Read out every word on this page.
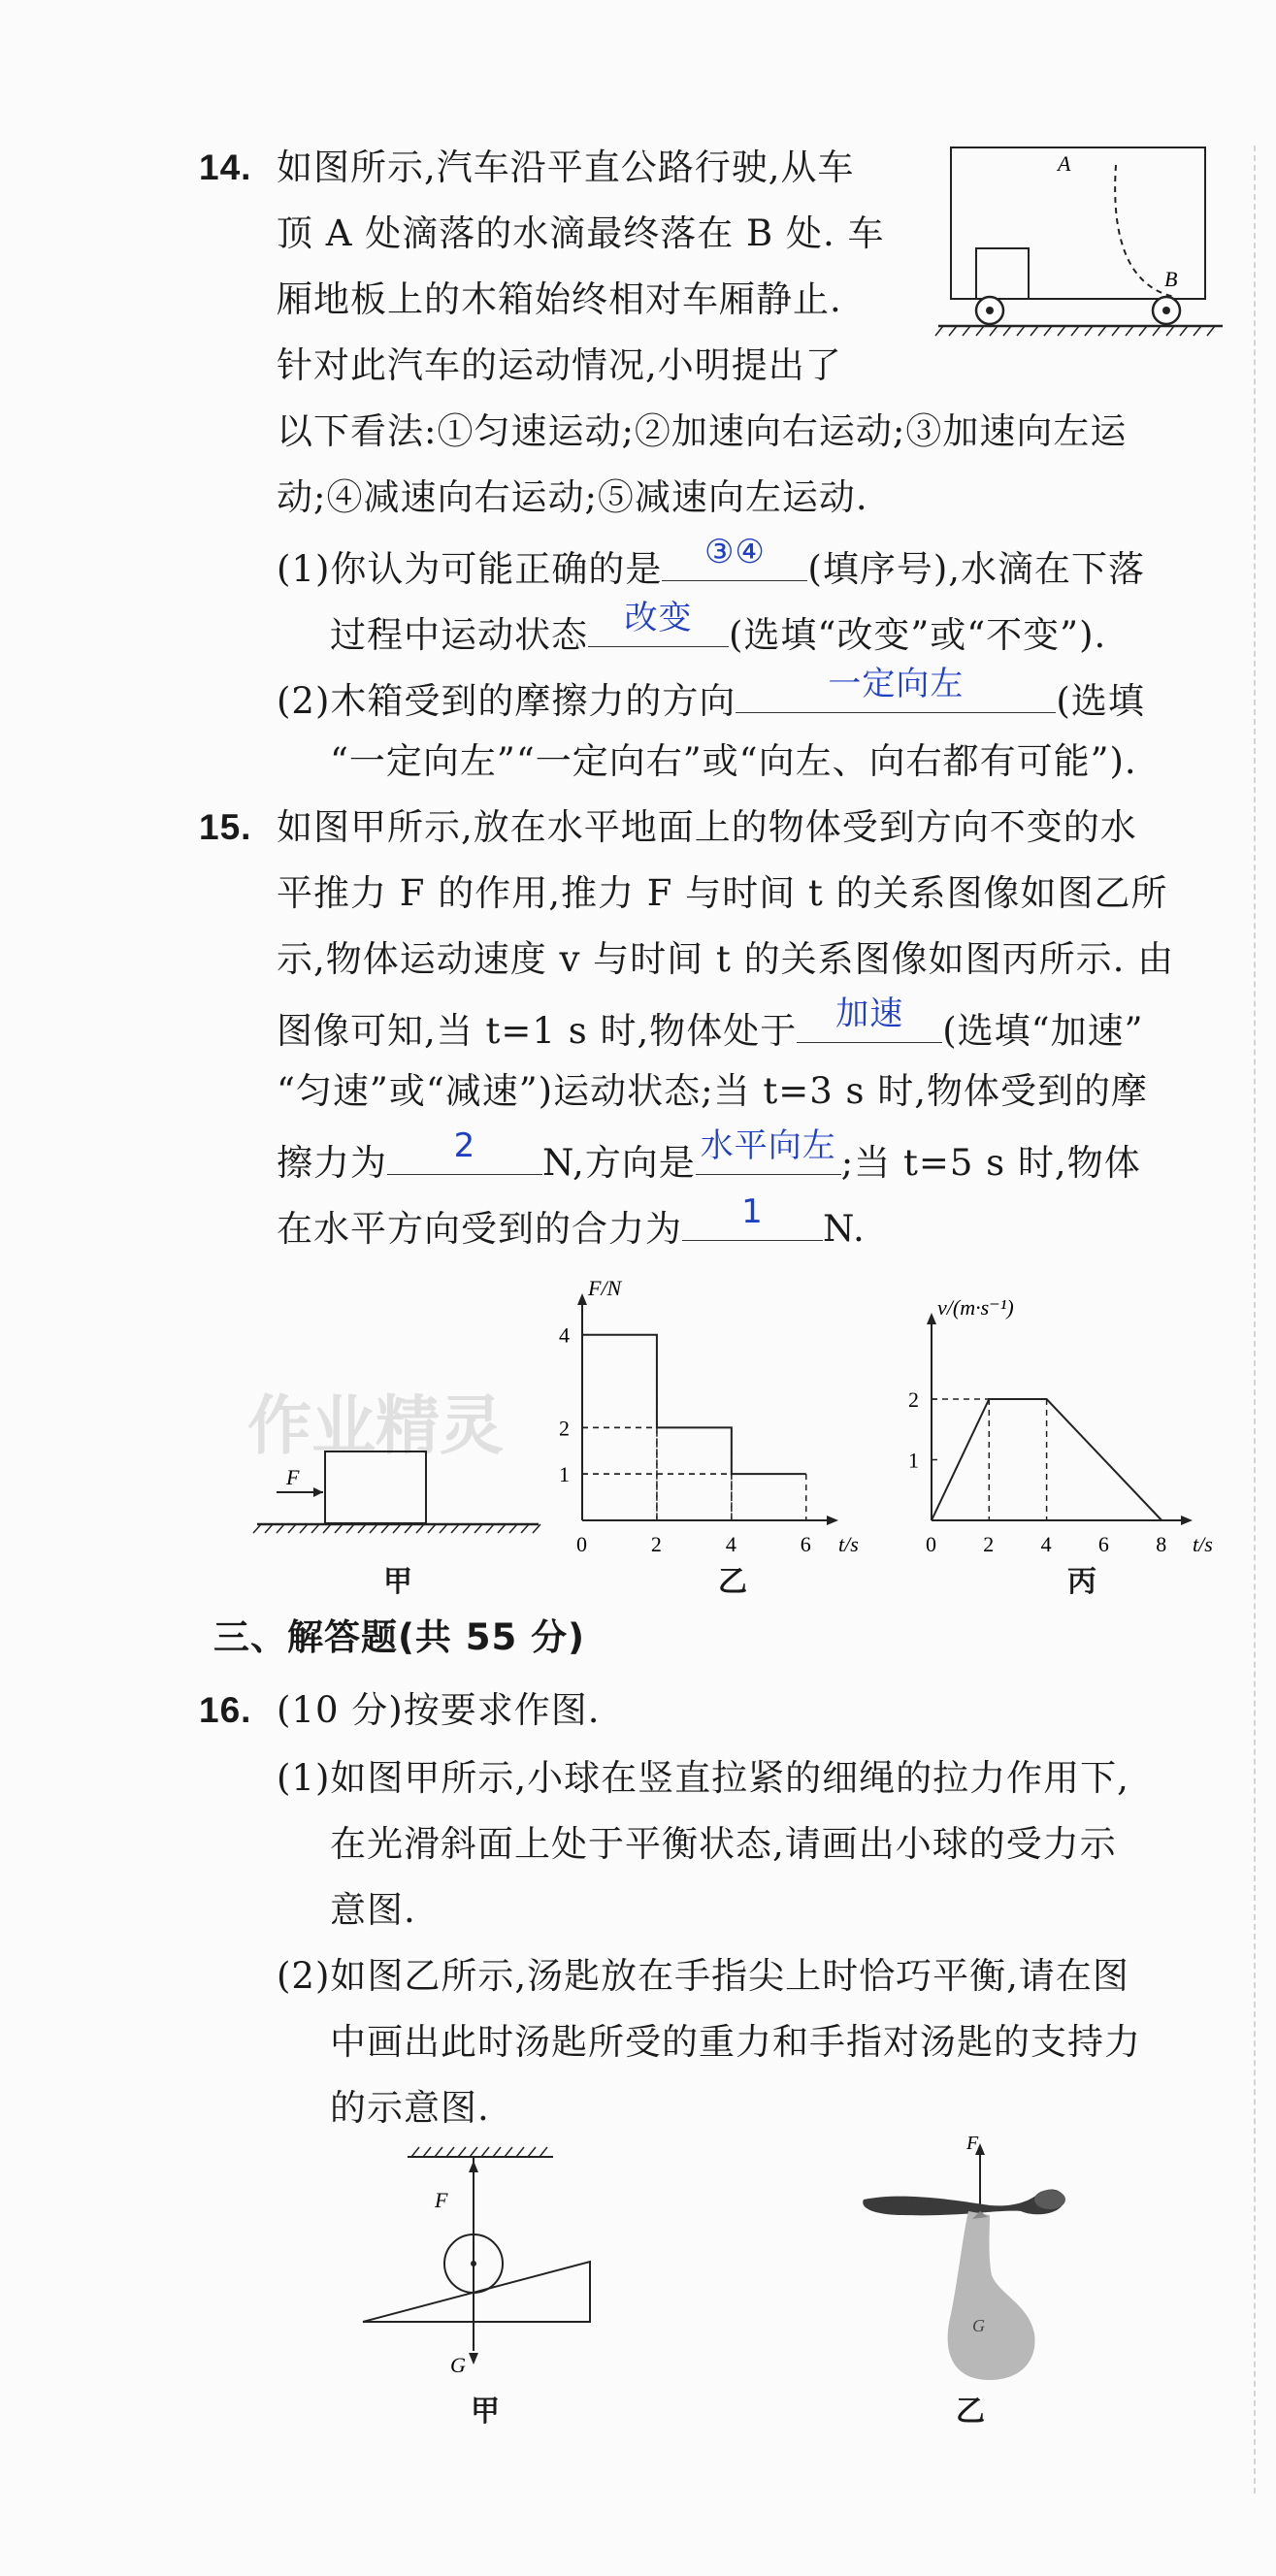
14. 如图所示,汽车沿平直公路行驶,从车
顶 A 处滴落的水滴最终落在 B 处. 车
厢地板上的木箱始终相对车厢静止.
针对此汽车的运动情况,小明提出了
以下看法:①匀速运动;②加速向右运动;③加速向左运
动;④减速向右运动;⑤减速向左运动.
(1)你认为可能正确的是	③④	(填序号),水滴在下落
过程中运动状态	改变	(选填“改变”或“不变”).
(2)木箱受到的摩擦力的方向	一定向左	(选填
“一定向左”“一定向右”或“向左、向右都有可能”).
A
B
15. 如图甲所示,放在水平地面上的物体受到方向不变的水
平推力 F 的作用,推力 F 与时间 t 的关系图像如图乙所
示,物体运动速度 v 与时间 t 的关系图像如图丙所示. 由
图像可知,当 t=1 s 时,物体处于	加速	(选填“加速”
“匀速”或“减速”)运动状态;当 t=3 s 时,物体受到的摩
擦力为	2	N,方向是 水平向左 ;当 t=5 s 时,物体
在水平方向受到的合力为	1	N.
作业精灵
F
甲
F/N
t/s
0	2	4	6
1
2
4
乙
v/(m·s⁻¹)
t/s
0 2 4 6 8
1
2
丙
三、解答题(共 55 分)
16. (10 分)按要求作图.
(1)如图甲所示,小球在竖直拉紧的细绳的拉力作用下,
在光滑斜面上处于平衡状态,请画出小球的受力示
意图.
(2)如图乙所示,汤匙放在手指尖上时恰巧平衡,请在图
中画出此时汤匙所受的重力和手指对汤匙的支持力
的示意图.
F
G
甲
F
G
乙
